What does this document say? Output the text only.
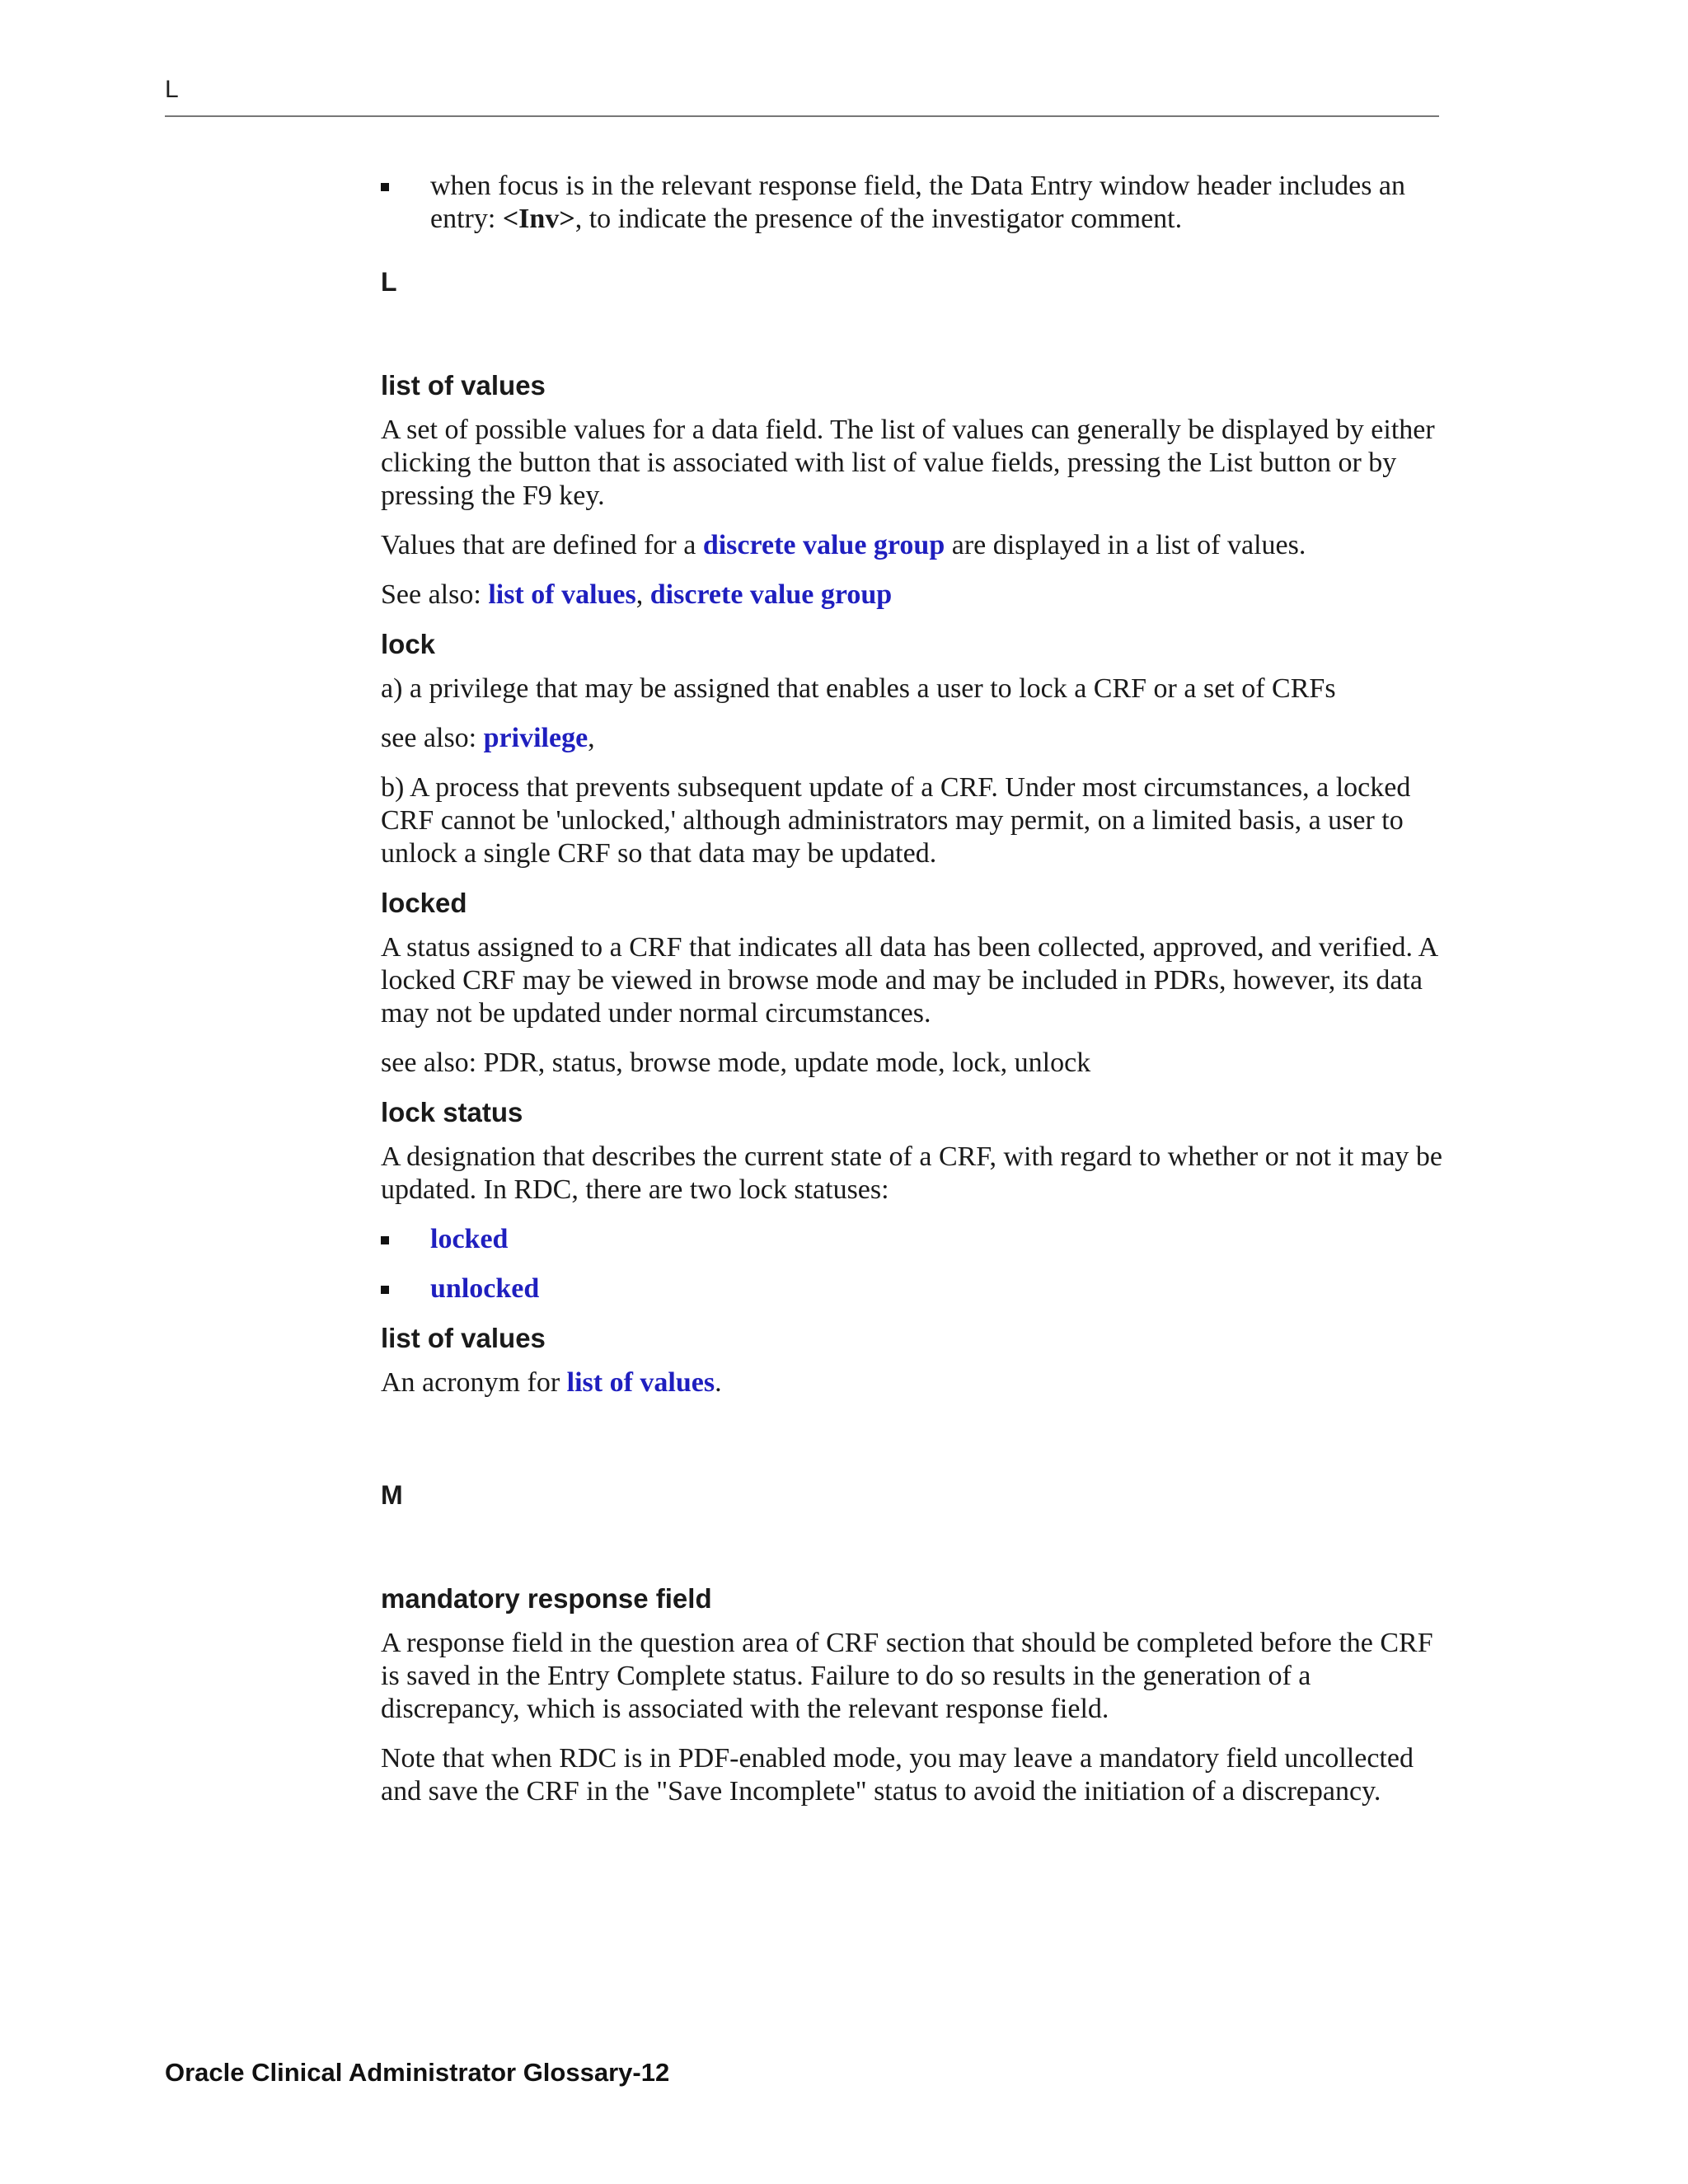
L
when focus is in the relevant response field, the Data Entry window header includes an entry: <Inv>, to indicate the presence of the investigator comment.
L
list of values

A set of possible values for a data field. The list of values can generally be displayed by either clicking the button that is associated with list of value fields, pressing the List button or by pressing the F9 key.

Values that are defined for a discrete value group are displayed in a list of values.

See also: list of values, discrete value group

lock

a) a privilege that may be assigned that enables a user to lock a CRF or a set of CRFs

see also: privilege,

b) A process that prevents subsequent update of a CRF. Under most circumstances, a locked CRF cannot be 'unlocked,' although administrators may permit, on a limited basis, a user to unlock a single CRF so that data may be updated.

locked

A status assigned to a CRF that indicates all data has been collected, approved, and verified. A locked CRF may be viewed in browse mode and may be included in PDRs, however, its data may not be updated under normal circumstances.

see also: PDR, status, browse mode, update mode, lock, unlock

lock status

A designation that describes the current state of a CRF, with regard to whether or not it may be updated. In RDC, there are two lock statuses:

locked
unlocked
list of values

An acronym for list of values.

M
mandatory response field

A response field in the question area of CRF section that should be completed before the CRF is saved in the Entry Complete status. Failure to do so results in the generation of a discrepancy, which is associated with the relevant response field.

Note that when RDC is in PDF-enabled mode, you may leave a mandatory field uncollected and save the CRF in the "Save Incomplete" status to avoid the initiation of a discrepancy.

Oracle Clinical Administrator Glossary-12
